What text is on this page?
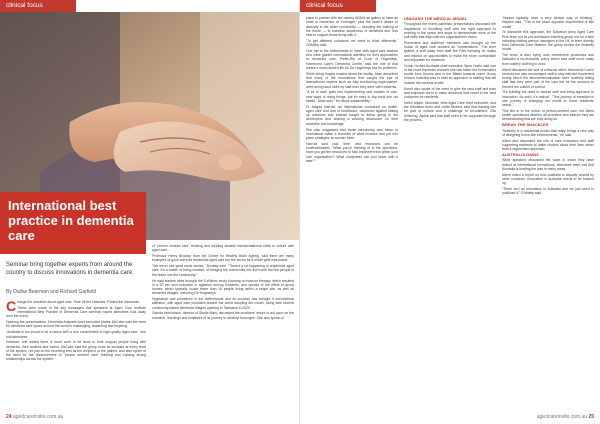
clinical focus
International best practice in dementia care
Seminar bring together experts from around the country to discuss innovations in dementia care.
By Dallas Bearman and Richard Garfield

Change the narrative about aged care. Take off the shackles. Pollard the diamonds.

These were some of the key messages that speakers at Aged Care Institute International Best Practice in Dementia Care seminar hoped attendees took away from the event.

Opening the presentations, Dementia Australia chief executive Maree McCabe said the need for dementia care space around the world is challenging, rewarding and inspiring.

"Australia is too proud to be a nation with a true commitment to high-quality aged care," she told attendees.

However, she added there is more work to be done to best support people living with dementia, their families and carers. McCabe said the group must be included at every level of the system, not just on the receiving end as the recipient or the patient, and also spoke of the need for the reinforcement of "person centred care" thinking and building strong relationships across the system.

of "person centred care" thinking and building durable transformational shifts in culture with aged care.

Professor Henry Brodaty, from the Centre for Healthy Brain Ageing, said there are many examples of good and bad residential aged care but the sector as a whole gets less praise.

"We never see good news stories," Brodaty said. "There's a lot happening in residential aged care. It's a matter of being creative, of bringing the community into the home and the people in the home into the community."

He said leaders have brought the 5-Wishes study focusing on humour therapy, which resulted in a 20 per cent reduction in agitation among residents, and speaks of the effect of group homes, which typically house fewer than 15 people living within a single site, as well as dementia villages, including De Hogeweyk.

Hogeweyk was pioneered in the Netherlands and its success has brought it international attention, with aged care providers around the world adopting the model, along with several community-based dementia villages opening in Tasmania in 2020.

Glenda Hutchinson, director of Sheila Mary, discussed the providers' desire to act upon on the research, learnings and initiatives of its journey to develop Korongee. She also spoke of

24 agedcareinsite.com.au
clinical focus

plans to partner with the nearby NGMA art gallery to have an artist in residence at Korongee, plus the team's desire to diversify in the wider community — including the training of the future — to increase awareness of dementia and how best to support those living with it.

"To get different outcomes we need to think differently," O'Malley said.

One trip to the Netherlands to meet with aged care leaders who have gained international attention for their approaches to dementia care, Pieter-Rik of Crow of Hogeweyk, Hammond Care's Dementia Centre, said the role of that meant a much-lauded life for De Hogeweyk has its problems.

While being hugely excited about the facility, Allan described that many of the innovations that caught the eye of international experts such as fully functioning supermarket, were being used more by staff than they were with residents.

"A lot of work goes into implementing new models of care, new ways of doing things, but it's easy to slip back into old habits," Allan said. "It's about sustainability."

Dr Magda Harrold, an international consultant on health, aged care and arts in healthcare, cautioned against talking up solutions and instead sought to follow going to the developers and sharing a working discussion on their expertise and knowledge.

She also suggested that those introducing new ideas or innovations make a checklist of what involves and put into place strategies to counter them.

Harrold said cost, time, and resources can be underestimated. "What you're thinking of in the questions, have you got the resources to fully implement this within your own organisation? What manpower can you leave with it later?"

UNLEASH THE MEDICAL MODEL

Throughout the event, panelists' presentations discussed the importance of recruiting staff with the right approach to working in the space and ways to demonstrate more of the soft skills that align with the organisation's vision.

Presenters and audience members also brought up the notion of aged care workers as "homemakers." The term typifies a shift away from staff like RNs focusing on duties and instead on opportunities to make the more comfortable and enjoyable for residents.

Group Homes Australia chief executive Tamo Hoetz said one of the most important reasons she has taken the homemaker model from Kuuma and in the Bilatin towards home Group Homes Australia was to start an approach to staffing that fell outside the medical model.

Koroit also spoke of the need to give the best staff and train and empower them to make decisions that result in the best outcomes for residents.

Helen Alpine, Mountain View Aged Care chief executive, and the Salvation Army and Joelle Bickers said that training can be part of culture and a challenge of recruitment. Ella Kettering, Alpine said that staff need to be supported through the process.

"Nurses typically have a very clinical way of thinking," Hayden said. "This is the exact opposite requirement of this model."

To dismantle this approach, the Salvation Army Aged Care Plus team put its pre-admission traveling group out for a stint including visiting various managers in the UK to learn directly from Dementia Care Matters, the group behind the Butterfly model.

The team is also trying new recruitment processes and instituted a no-restraints policy which saw staff move away from rosterly clothing to work.

Allerd discussed the lack of uniforms within Hammond Care's services but also encouraged staff to stay with the movement during which the decommercialisation were routinely telling staff that they were part of the care but for the services to prevent the culture of control.

"It's building the need to assess staff and bring approach to innovation. As such, it's radical," "This journey of transition is one journey of changing our minds to move residents' needs."

This ties in to the notion of person-centred care, but Allerd earlier questioned whether all providers who believe they are demonstrating that are truly doing so.

BREAK THE SHACKLES

"Butterfly is a residential model that really brings a new way of designing home-like environments," he said.

Allerd also discussed the role of care innovation and staff supporting residents to make choices about their lives rather than a regimented approach.

AUSTRALIA GAINS

While speakers discussed the ways in which they have looked at international innovations, attendees were told that Australia is leading the way in many areas.

Allerd noted a report on how Australia is actually viewed by other countries. Innovation in Australia needs to be backed up.

"There isn't an innovation in Australia and we just need to publicise it," O'Malley said.

agedcareinsite.com.au 25
